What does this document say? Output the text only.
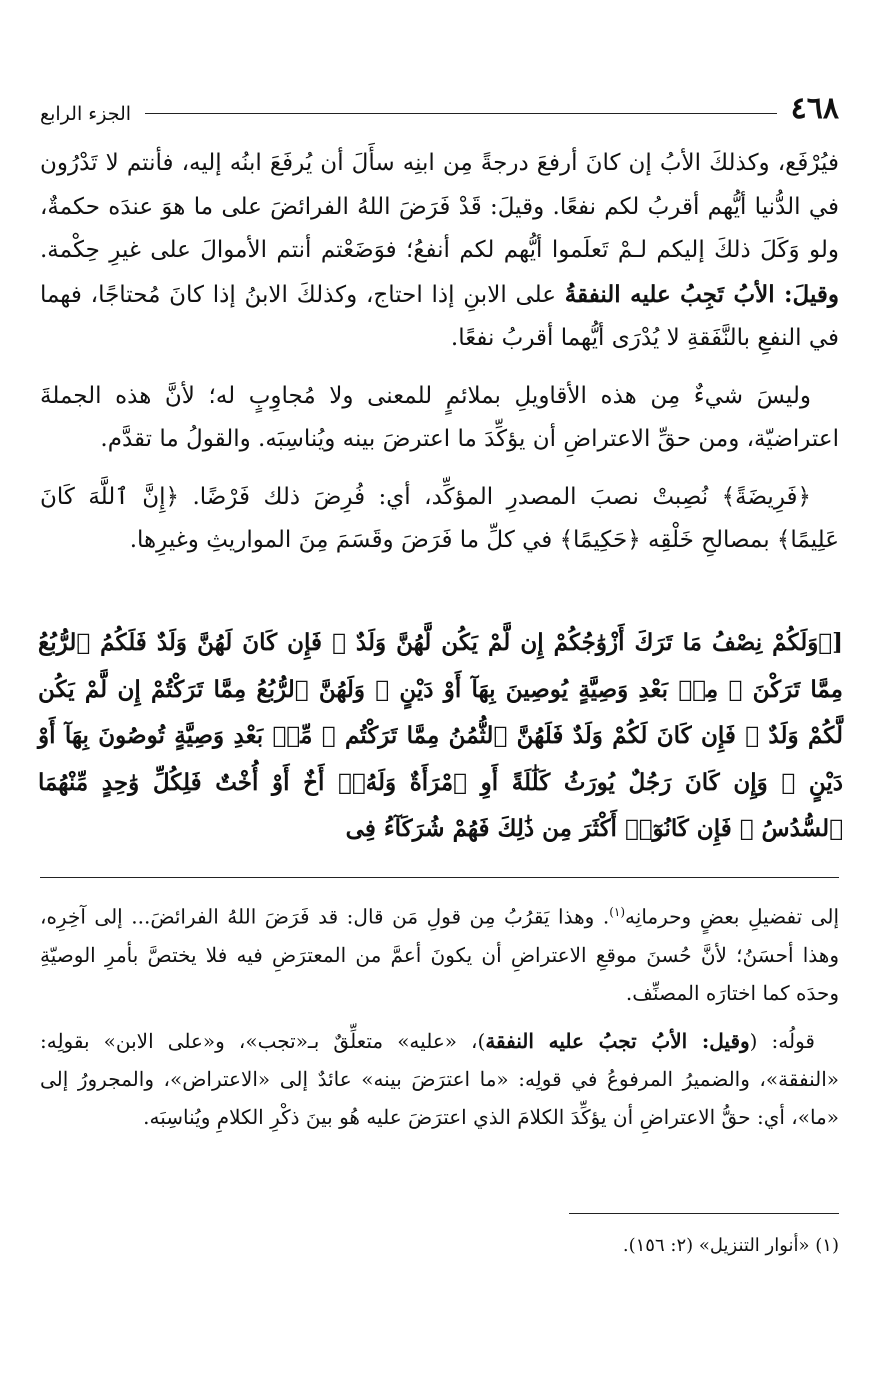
٤٦٨
الجزء الرابع

فيُرْفَع، وكذلكَ الأبُ إن كانَ أرفعَ درجةً مِن ابنِه سأَلَ أن يُرفَعَ ابنُه إليه، فأنتم لا تَدْرُون في الدُّنيا أيُّهم أقربُ لكم نفعًا. وقيلَ: قَدْ فَرَضَ اللهُ الفرائضَ على ما هوَ عندَه حكمةٌ، ولو وَكَلَ ذلكَ إليكم لـمْ تَعلَموا أيُّهم لكم أنفعُ؛ فوَضَعْتم أنتم الأموالَ على غيرِ حِكْمة. وقيلَ: الأبُ تَجِبُ عليه النفقةُ على الابنِ إذا احتاج، وكذلكَ الابنُ إذا كانَ مُحتاجًا، فهما في النفعِ بالنَّفَقةِ لا يُدْرَى أيُّهما أقربُ نفعًا.

وليسَ شيءٌ مِن هذه الأقاويلِ بملائمٍ للمعنى ولا مُجاوِبٍ له؛ لأنَّ هذه الجملةَ اعتراضيّة، ومن حقِّ الاعتراضِ أن يؤكِّدَ ما اعترضَ بينه ويُناسِبَه. والقولُ ما تقدَّم.

﴿فَرِيضَةً﴾ نُصِبتْ نصبَ المصدرِ المؤكِّد، أي: فُرِضَ ذلك فَرْضًا. ﴿إِنَّ ٱللَّهَ كَانَ عَلِيمًا﴾ بمصالحِ خَلْقِه ﴿حَكِيمًا﴾ في كلِّ ما فَرَضَ وقَسَمَ مِنَ المواريثِ وغيرِها.

[﴿وَلَكُمْ نِصْفُ مَا تَرَكَ أَزْوَٰجُكُمْ إِن لَّمْ يَكُن لَّهُنَّ وَلَدٌ ۚ فَإِن كَانَ لَهُنَّ وَلَدٌ فَلَكُمُ ٱلرُّبُعُ مِمَّا تَرَكْنَ ۚ مِنۢ بَعْدِ وَصِيَّةٍ يُوصِينَ بِهَآ أَوْ دَيْنٍ ۚ وَلَهُنَّ ٱلرُّبُعُ مِمَّا تَرَكْتُمْ إِن لَّمْ يَكُن لَّكُمْ وَلَدٌ ۚ فَإِن كَانَ لَكُمْ وَلَدٌ فَلَهُنَّ ٱلثُّمُنُ مِمَّا تَرَكْتُم ۚ مِّنۢ بَعْدِ وَصِيَّةٍ تُوصُونَ بِهَآ أَوْ دَيْنٍ ۗ وَإِن كَانَ رَجُلٌ يُورَثُ كَلَٰلَةً أَوِ ٱمْرَأَةٌ وَلَهُۥٓ أَخٌ أَوْ أُخْتٌ فَلِكُلِّ وَٰحِدٍ مِّنْهُمَا ٱلسُّدُسُ ۚ فَإِن كَانُوٓا۟ أَكْثَرَ مِن ذَٰلِكَ فَهُمْ شُرَكَآءُ فِى

إلى تفضيلِ بعضٍ وحرمانِه$^{(١)}$. وهذا يَقرُبُ مِن قولِ مَن قال: قد فَرَضَ اللهُ الفرائضَ... إلى آخِرِه، وهذا أحسَنُ؛ لأنَّ حُسنَ موقعِ الاعتراضِ أن يكونَ أعمَّ من المعترَضِ فيه فلا يختصَّ بأمرِ الوصيّةِ وحدَه كما اختارَه المصنِّف.

قولُه: (وقيل: الأبُ تجبُ عليه النفقة)، «عليه» متعلِّقٌ بـ«تجب»، و«على الابن» بقولِه: «النفقة»، والضميرُ المرفوعُ في قولِه: «ما اعترَضَ بينه» عائدٌ إلى «الاعتراض»، والمجرورُ إلى «ما»، أي: حقُّ الاعتراضِ أن يؤكِّدَ الكلامَ الذي اعترَضَ عليه هُو بينَ ذكْرِ الكلامِ ويُناسِبَه.

(١) «أنوار التنزيل» (٢: ١٥٦).
